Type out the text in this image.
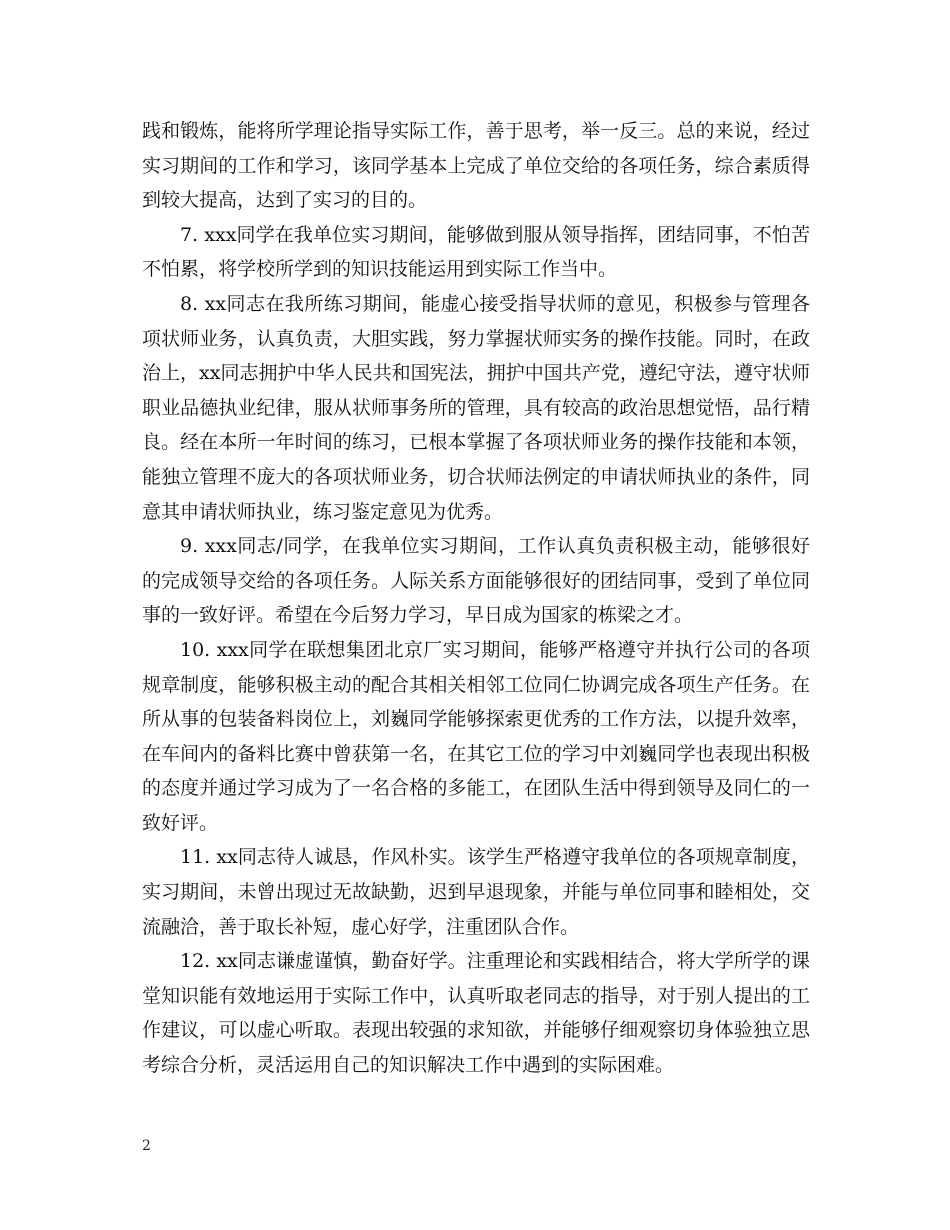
践和锻炼，能将所学理论指导实际工作，善于思考，举一反三。总的来说，经过实习期间的工作和学习，该同学基本上完成了单位交给的各项任务，综合素质得到较大提高，达到了实习的目的。

7. xxx同学在我单位实习期间，能够做到服从领导指挥，团结同事，不怕苦不怕累，将学校所学到的知识技能运用到实际工作当中。

8. xx同志在我所练习期间，能虚心接受指导状师的意见，积极参与管理各项状师业务，认真负责，大胆实践，努力掌握状师实务的操作技能。同时，在政治上，xx同志拥护中华人民共和国宪法，拥护中国共产党，遵纪守法，遵守状师职业品德执业纪律，服从状师事务所的管理，具有较高的政治思想觉悟，品行精良。经在本所一年时间的练习，已根本掌握了各项状师业务的操作技能和本领，能独立管理不庞大的各项状师业务，切合状师法例定的申请状师执业的条件，同意其申请状师执业，练习鉴定意见为优秀。

9. xxx同志/同学，在我单位实习期间，工作认真负责积极主动，能够很好的完成领导交给的各项任务。人际关系方面能够很好的团结同事，受到了单位同事的一致好评。希望在今后努力学习，早日成为国家的栋梁之才。

10. xxx同学在联想集团北京厂实习期间，能够严格遵守并执行公司的各项规章制度，能够积极主动的配合其相关相邻工位同仁协调完成各项生产任务。在所从事的包装备料岗位上，刘巍同学能够探索更优秀的工作方法，以提升效率，在车间内的备料比赛中曾获第一名，在其它工位的学习中刘巍同学也表现出积极的态度并通过学习成为了一名合格的多能工，在团队生活中得到领导及同仁的一致好评。

11. xx同志待人诚恳，作风朴实。该学生严格遵守我单位的各项规章制度，实习期间，未曾出现过无故缺勤，迟到早退现象，并能与单位同事和睦相处，交流融洽，善于取长补短，虚心好学，注重团队合作。

12. xx同志谦虚谨慎，勤奋好学。注重理论和实践相结合，将大学所学的课堂知识能有效地运用于实际工作中，认真听取老同志的指导，对于别人提出的工作建议，可以虚心听取。表现出较强的求知欲，并能够仔细观察切身体验独立思考综合分析，灵活运用自己的知识解决工作中遇到的实际困难。

2
